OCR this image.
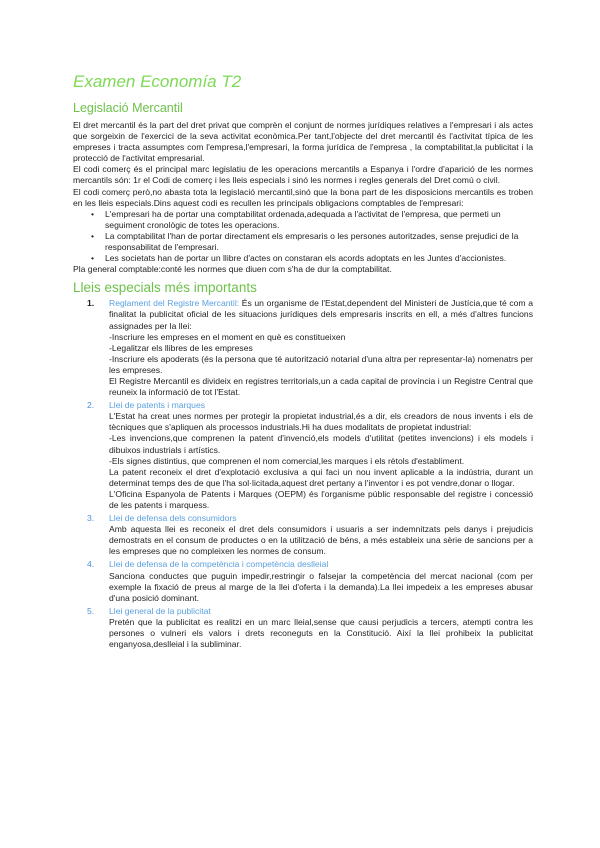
Examen Economía T2
Legislació Mercantil

El dret mercantil és la part del dret privat que comprèn el conjunt de normes jurídiques relatives a l'empresari i als actes que sorgeixin de l'exercici de la seva activitat econòmica.Per tant,l'objecte del dret mercantil és l'activitat típica de les empreses i tracta assumptes com l'empresa,l'empresari, la forma jurídica de l'empresa , la comptabilitat,la publicitat i la protecció de l'activitat empresarial.

El codi comerç és el principal marc legislatiu de les operacions mercantils a Espanya i l'ordre d'aparició de les normes mercantils són: 1r el Codi de comerç i les lleis especials i sinó les normes i regles generals del Dret comú o civil.

El codi comerç però,no abasta tota la legislació mercantil,sinó que la bona part de les disposicions mercantils es troben en les lleis especials.Dins aquest codi es recullen les principals obligacions comptables de l'empresari:

• L'empresari ha de portar una comptabilitat ordenada,adequada a l'activitat de l'empresa, que permeti un seguiment cronològic de totes les operacions.
• La comptabilitat l'han de portar directament els empresaris o les persones autoritzades, sense prejudici de la responsabilitat de l'empresari.
• Les societats han de portar un llibre d'actes on constaran els acords adoptats en les Juntes d'accionistes.

Pla general comptable:conté les normes que diuen com s'ha de dur la comptabilitat.

Lleis especials més importants
1. Reglament del Registre Mercantil: És un organisme de l'Estat,dependent del Ministeri de Justícia,que té com a finalitat la publicitat oficial de les situacions jurídiques dels empresaris inscrits en ell, a més d'altres funcions assignades per la llei:

-Inscriure les empreses en el moment en què es constitueixen

-Legalitzar els llibres de les empreses

-Inscriure els apoderats (és la persona que té autorització notarial d'una altra per representar-la) nomenatrs per les empreses.

El Registre Mercantil es divideix en registres territorials,un a cada capital de província i un Registre Central que reuneix la informació de tot l'Estat.

2. Llei de patents i marques

L'Estat ha creat unes normes per protegir la propietat industrial,és a dir, els creadors de nous invents i els de tècniques que s'apliquen als processos industrials.Hi ha dues modalitats de propietat industrial:

-Les invencions,que comprenen la patent d'invenció,els models d'utilitat (petites invencions) i els models i dibuixos industrials i artístics.

-Els signes distintius, que comprenen el nom comercial,les marques i els rètols d'establiment.

La patent reconeix el dret d'explotació exclusiva a qui faci un nou invent aplicable a la indústria, durant un determinat temps des de que l'ha sol·licitada,aquest dret pertany a l'inventor i es pot vendre,donar o llogar.

L'Oficina Espanyola de Patents i Marques (OEPM) és l'organisme públic responsable del registre i concessió de les patents i marquess.

3. Llei de defensa dels consumidors

Amb aquesta llei es reconeix el dret dels consumidors i usuaris a ser indemnitzats pels danys i prejudicis demostrats en el consum de productes o en la utilització de béns, a més estableix una sèrie de sancions per a les empreses que no compleixen les normes de consum.

4. Llei de defensa de la competència i competència deslleial

Sanciona conductes que puguin impedir,restringir o falsejar la competència del mercat nacional (com per exemple la fixació de preus al marge de la llei d'oferta i la demanda).La llei impedeix a les empreses abusar d'una posició dominant.

5. Llei general de la publicitat

Pretén que la publicitat es realitzi en un marc lleial,sense que causi perjudicis a tercers, atempti contra les persones o vulneri els valors i drets reconeguts en la Constitució. Així la llei prohibeix la publicitat enganyosa,deslleial i la subliminar.
